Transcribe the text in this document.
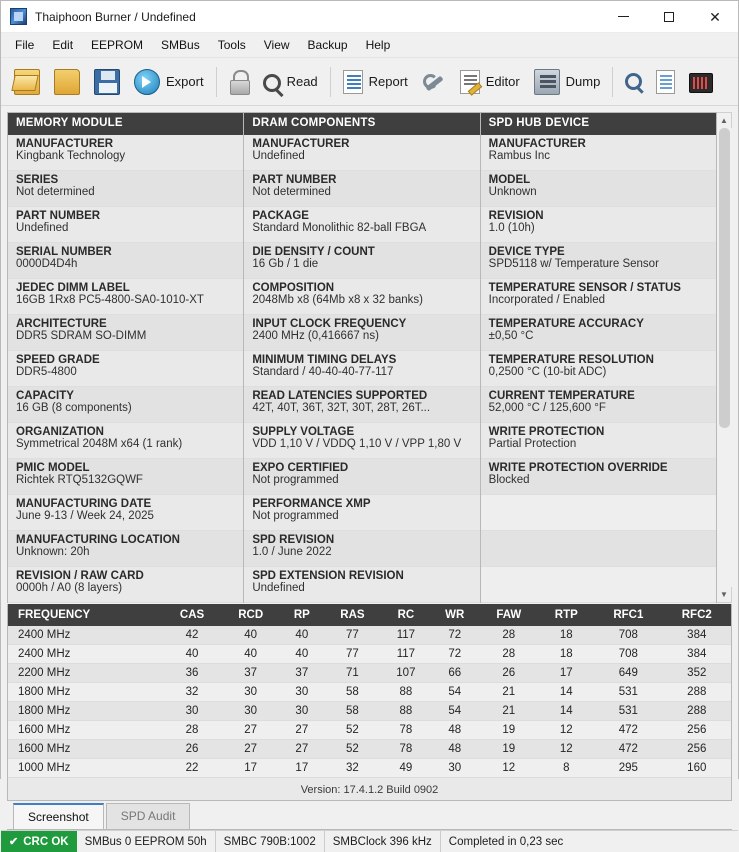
Thaiphoon Burner / Undefined	✕
File	Edit	EEPROM	SMBus	Tools	View	Backup	Help
Export	Read	Report	Editor	Dump
MEMORY MODULE
MANUFACTURER
Kingbank Technology
SERIES
Not determined
PART NUMBER
Undefined
SERIAL NUMBER
0000D4D4h
JEDEC DIMM LABEL
16GB 1Rx8 PC5-4800-SA0-1010-XT
ARCHITECTURE
DDR5 SDRAM SO-DIMM
SPEED GRADE
DDR5-4800
CAPACITY
16 GB (8 components)
ORGANIZATION
Symmetrical 2048M x64 (1 rank)
PMIC MODEL
Richtek RTQ5132GQWF
MANUFACTURING DATE
June 9-13 / Week 24, 2025
MANUFACTURING LOCATION
Unknown: 20h
REVISION / RAW CARD
0000h / A0 (8 layers)
DRAM COMPONENTS
MANUFACTURER
Undefined
PART NUMBER
Not determined
PACKAGE
Standard Monolithic 82-ball FBGA
DIE DENSITY / COUNT
16 Gb / 1 die
COMPOSITION
2048Mb x8 (64Mb x8 x 32 banks)
INPUT CLOCK FREQUENCY
2400 MHz (0,416667 ns)
MINIMUM TIMING DELAYS
Standard / 40-40-40-77-117
READ LATENCIES SUPPORTED
42T, 40T, 36T, 32T, 30T, 28T, 26T...
SUPPLY VOLTAGE
VDD 1,10 V / VDDQ 1,10 V / VPP 1,80 V
EXPO CERTIFIED
Not programmed
PERFORMANCE XMP
Not programmed
SPD REVISION
1.0 / June 2022
SPD EXTENSION REVISION
Undefined
SPD HUB DEVICE
MANUFACTURER
Rambus Inc
MODEL
Unknown
REVISION
1.0 (10h)
DEVICE TYPE
SPD5118 w/ Temperature Sensor
TEMPERATURE SENSOR / STATUS
Incorporated / Enabled
TEMPERATURE ACCURACY
±0,50 °C
TEMPERATURE RESOLUTION
0,2500 °C (10-bit ADC)
CURRENT TEMPERATURE
52,000 °C / 125,600 °F
WRITE PROTECTION
Partial Protection
WRITE PROTECTION OVERRIDE
Blocked
▲
▼
FREQUENCY	CAS	RCD	RP	RAS	RC	WR	FAW	RTP	RFC1	RFC2
2400 MHz	42	40	40	77	117	72	28	18	708	384
2400 MHz	40	40	40	77	117	72	28	18	708	384
2200 MHz	36	37	37	71	107	66	26	17	649	352
1800 MHz	32	30	30	58	88	54	21	14	531	288
1800 MHz	30	30	30	58	88	54	21	14	531	288
1600 MHz	28	27	27	52	78	48	19	12	472	256
1600 MHz	26	27	27	52	78	48	19	12	472	256
1000 MHz	22	17	17	32	49	30	12	8	295	160
Version: 17.4.1.2 Build 0902
Screenshot	SPD Audit
✔ CRC OK	SMBus 0 EEPROM 50h	SMBC 790B:1002	SMBClock 396 kHz	Completed in 0,23 sec
